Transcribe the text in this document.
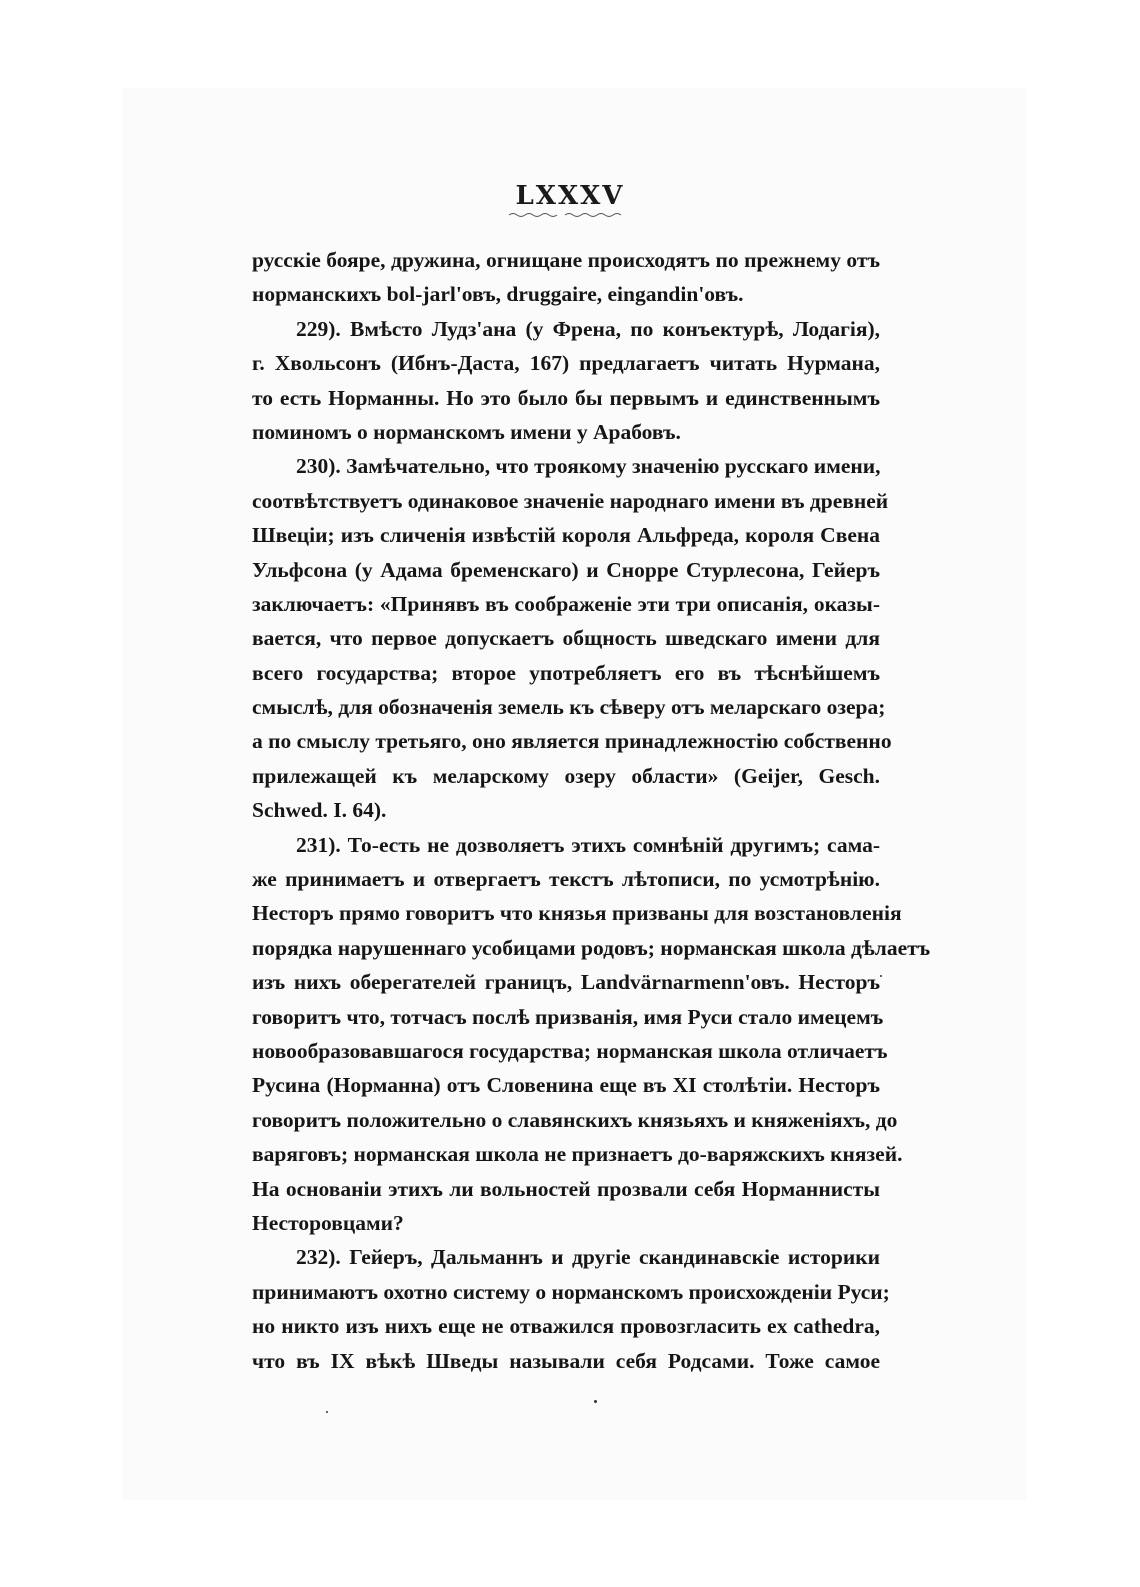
LXXXV
русскіе бояре, дружина, огнищане происходятъ по прежнему отъ
норманскихъ bol-jarl'овъ, druggaire, eingandin'овъ.
229). Вмѣсто Лудз'ана (у Френа, по конъектурѣ, Лодагія),
г. Хвольсонъ (Ибнъ-Даста, 167) предлагаетъ читать Нурмана,
то есть Норманны. Но это было бы первымъ и единственнымъ
поминомъ о норманскомъ имени у Арабовъ.
230). Замѣчательно, что троякому значенію русскаго имени,
соотвѣтствуетъ одинаковое значеніе народнаго имени въ древней
Швеціи; изъ сличенія извѣстій короля Альфреда, короля Свена
Ульфсона (у Адама бременскаго) и Снорре Стурлесона, Гейеръ
заключаетъ: «Принявъ въ соображеніе эти три описанія, оказы-
вается, что первое допускаетъ общность шведскаго имени для
всего государства; второе употребляетъ его въ тѣснѣйшемъ
смыслѣ, для обозначенія земель къ сѣверу отъ меларскаго озера;
а по смыслу третьяго, оно является принадлежностію собственно
прилежащей къ меларскому озеру области» (Geijer, Gesch.
Schwed. I. 64).
231). То-есть не дозволяетъ этихъ сомнѣній другимъ; сама-
же принимаетъ и отвергаетъ текстъ лѣтописи, по усмотрѣнію.
Несторъ прямо говоритъ что князья призваны для возстановленія
порядка нарушеннаго усобицами родовъ; норманская школа дѣлаетъ
изъ нихъ оберегателей границъ, Landvärnarmenn'овъ. Несторъ
говоритъ что, тотчасъ послѣ призванія, имя Руси стало имецемъ
новообразовавшагося государства; норманская школа отличаетъ
Русина (Норманна) отъ Словенина еще въ XI столѣтіи. Несторъ
говоритъ положительно о славянскихъ князьяхъ и княженіяхъ, до
варяговъ; норманская школа не признаетъ до-варяжскихъ князей.
На основаніи этихъ ли вольностей прозвали себя Норманнисты
Несторовцами?
232). Гейеръ, Дальманнъ и другіе скандинавскіе историки
принимаютъ охотно систему о норманскомъ происхожденіи Руси;
но никто изъ нихъ еще не отважился провозгласить ex cathedra,
что въ IX вѣкѣ Шведы называли себя Родсами. Тоже самое
